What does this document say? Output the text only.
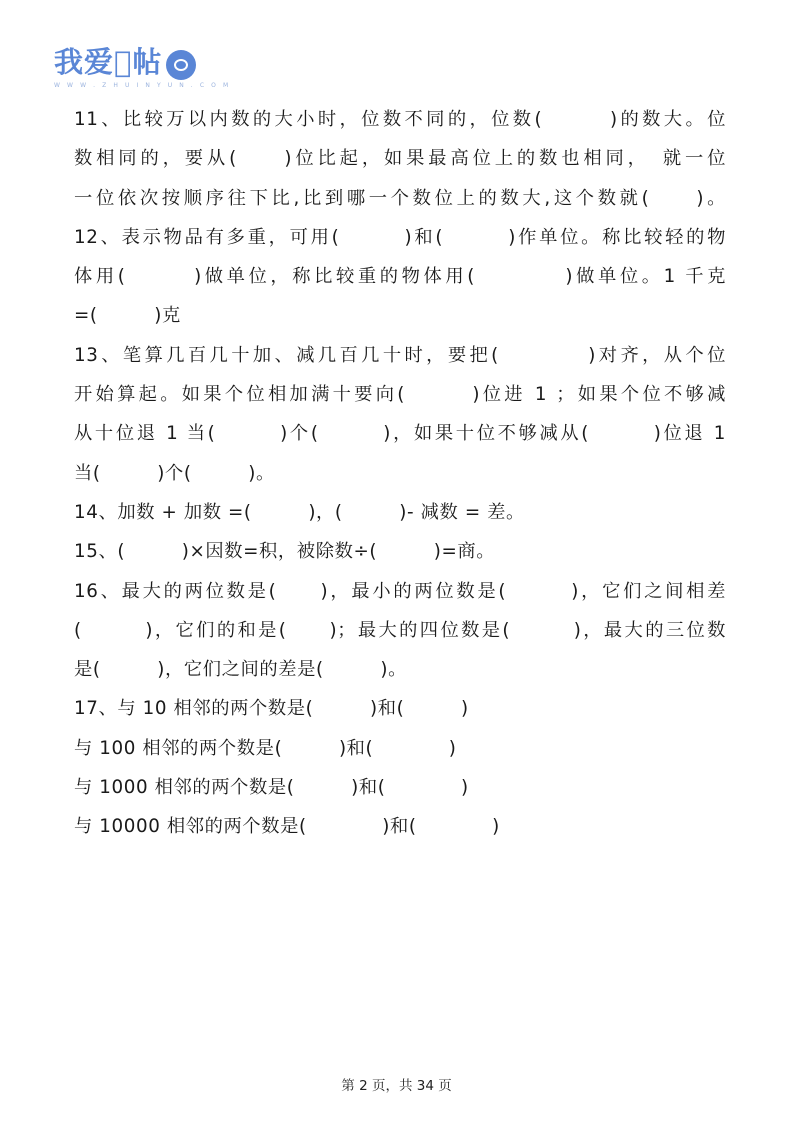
我爱𭖲帖
W W W . Z H U I N Y U N . C O M
11、比较万以内数的大小时，位数不同的，位数(　　　)的数大。位
数相同的，要从(　　)位比起，如果最高位上的数也相同，　就一位
一位依次按顺序往下比,比到哪一个数位上的数大,这个数就(　　)。
12、表示物品有多重，可用(　　　)和(　　　)作单位。称比较轻的物
体用(　　　)做单位，称比较重的物体用(　　　　)做单位。1 千克
=(　　　)克
13、笔算几百几十加、减几百几十时，要把(　　　　)对齐，从个位
开始算起。如果个位相加满十要向(　　　)位进 1 ；如果个位不够减
从十位退 1 当(　　　)个(　　　)，如果十位不够减从(　　　)位退 1
当(　　　)个(　　　)。
14、加数 + 加数 =(　　　)，(　　　)- 减数 = 差。
15、(　　　)×因数=积，被除数÷(　　　)=商。
16、最大的两位数是(　　)，最小的两位数是(　　　)，它们之间相差
(　　　)，它们的和是(　　)；最大的四位数是(　　　)，最大的三位数
是(　　　)，它们之间的差是(　　　)。
17、与 10 相邻的两个数是(　　　)和(　　　)
与 100 相邻的两个数是(　　　)和(　　　　)
与 1000 相邻的两个数是(　　　)和(　　　　)
与 10000 相邻的两个数是(　　　　)和(　　　　)
第 2 页，共 34 页
